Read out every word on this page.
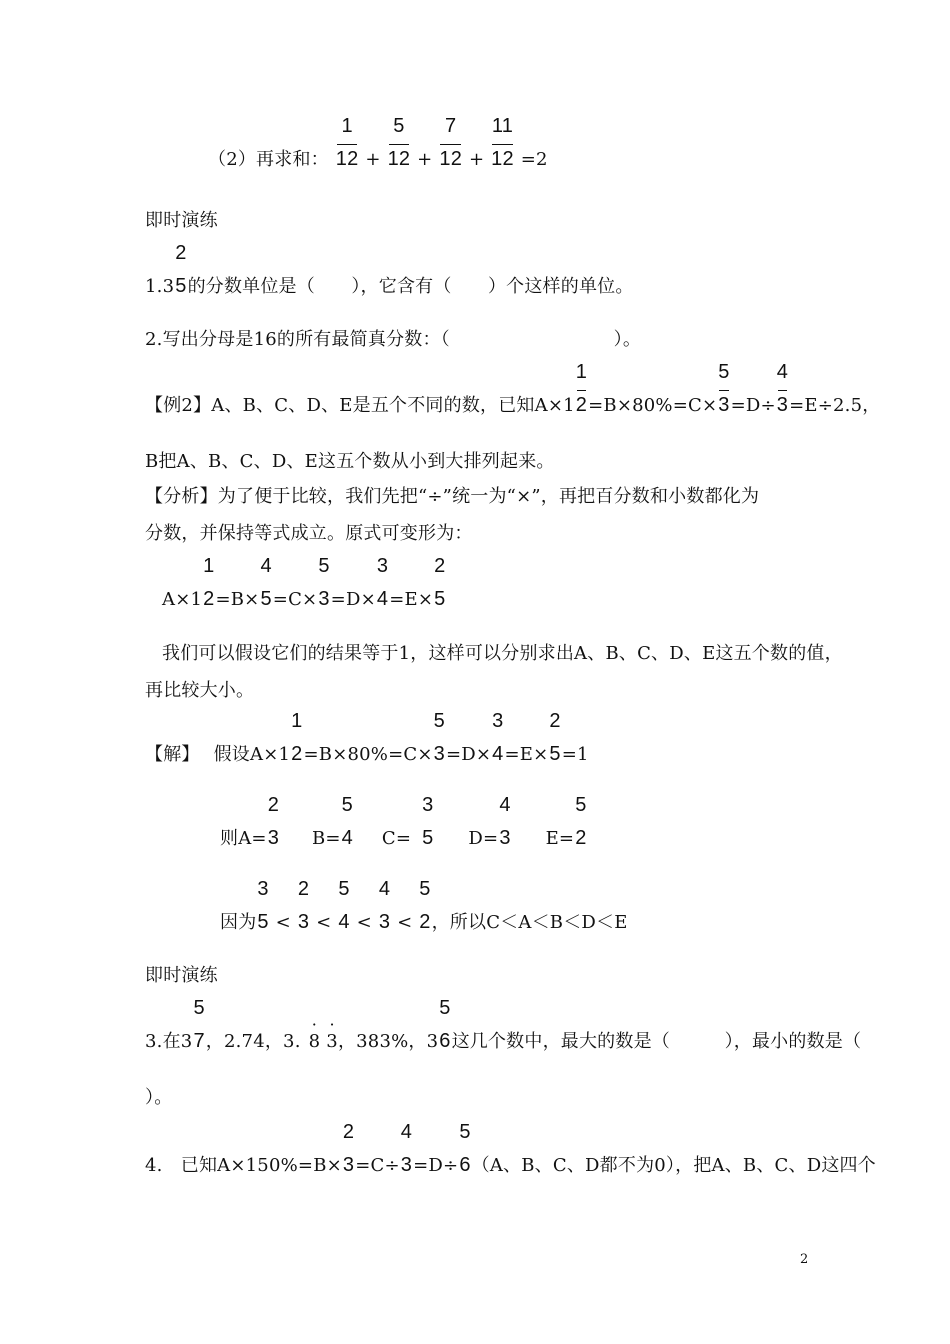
（2）再求和： $\frac{1}{12} + \frac{5}{12} + \frac{7}{12} + \frac{11}{12} =2$
即时演练
1.3
2
5 的分数单位是（　　），它含有（　　）个这样的单位。
2.写出分母是16的所有最简真分数：（　　　　　　　　　）。
【例2】A、B、C、D、E是五个不同的数，已知$A\times 1 \frac{1}{2} =B\times 80\%=C\times \frac{5}{3} =D\div \frac{4}{3} =E\div 2.5$，
B把A、B、C、D、E这五个数从小到大排列起来。
【分析】为了便于比较，我们先把“÷”统一为“×”，再把百分数和小数都化为
分数，并保持等式成立。原式可变形为：
A×1
1
2 =B×
4
5 =C×
5
3 =D×
3
4 =E×
2
5
我们可以假设它们的结果等于1，这样可以分别求出A、B、C、D、E这五个数的值，
再比较大小。
【解】 假设A×1
1
2 =B×80%=C×
5
3 =D×
3
4 =E×
2
5 =1
则A=
2
3 B=
5
4 C=
3
5 D=
4
3 E=
5
2
因为
3
5 <
2
3 <
5
4 <
4
3 <
5
2 ，所以C＜A＜B＜D＜E
即时演练
3.在3
5
7 ，2.74，3. · 8 · 3，383%，3
5
6 这几个数中，最大的数是（　　　），最小的数是（
）。
4.　已知A×150%=B×
2
3 =C÷
4
3 =D÷
5
6 （A、B、C、D都不为0），把A、B、C、D这四个
2
